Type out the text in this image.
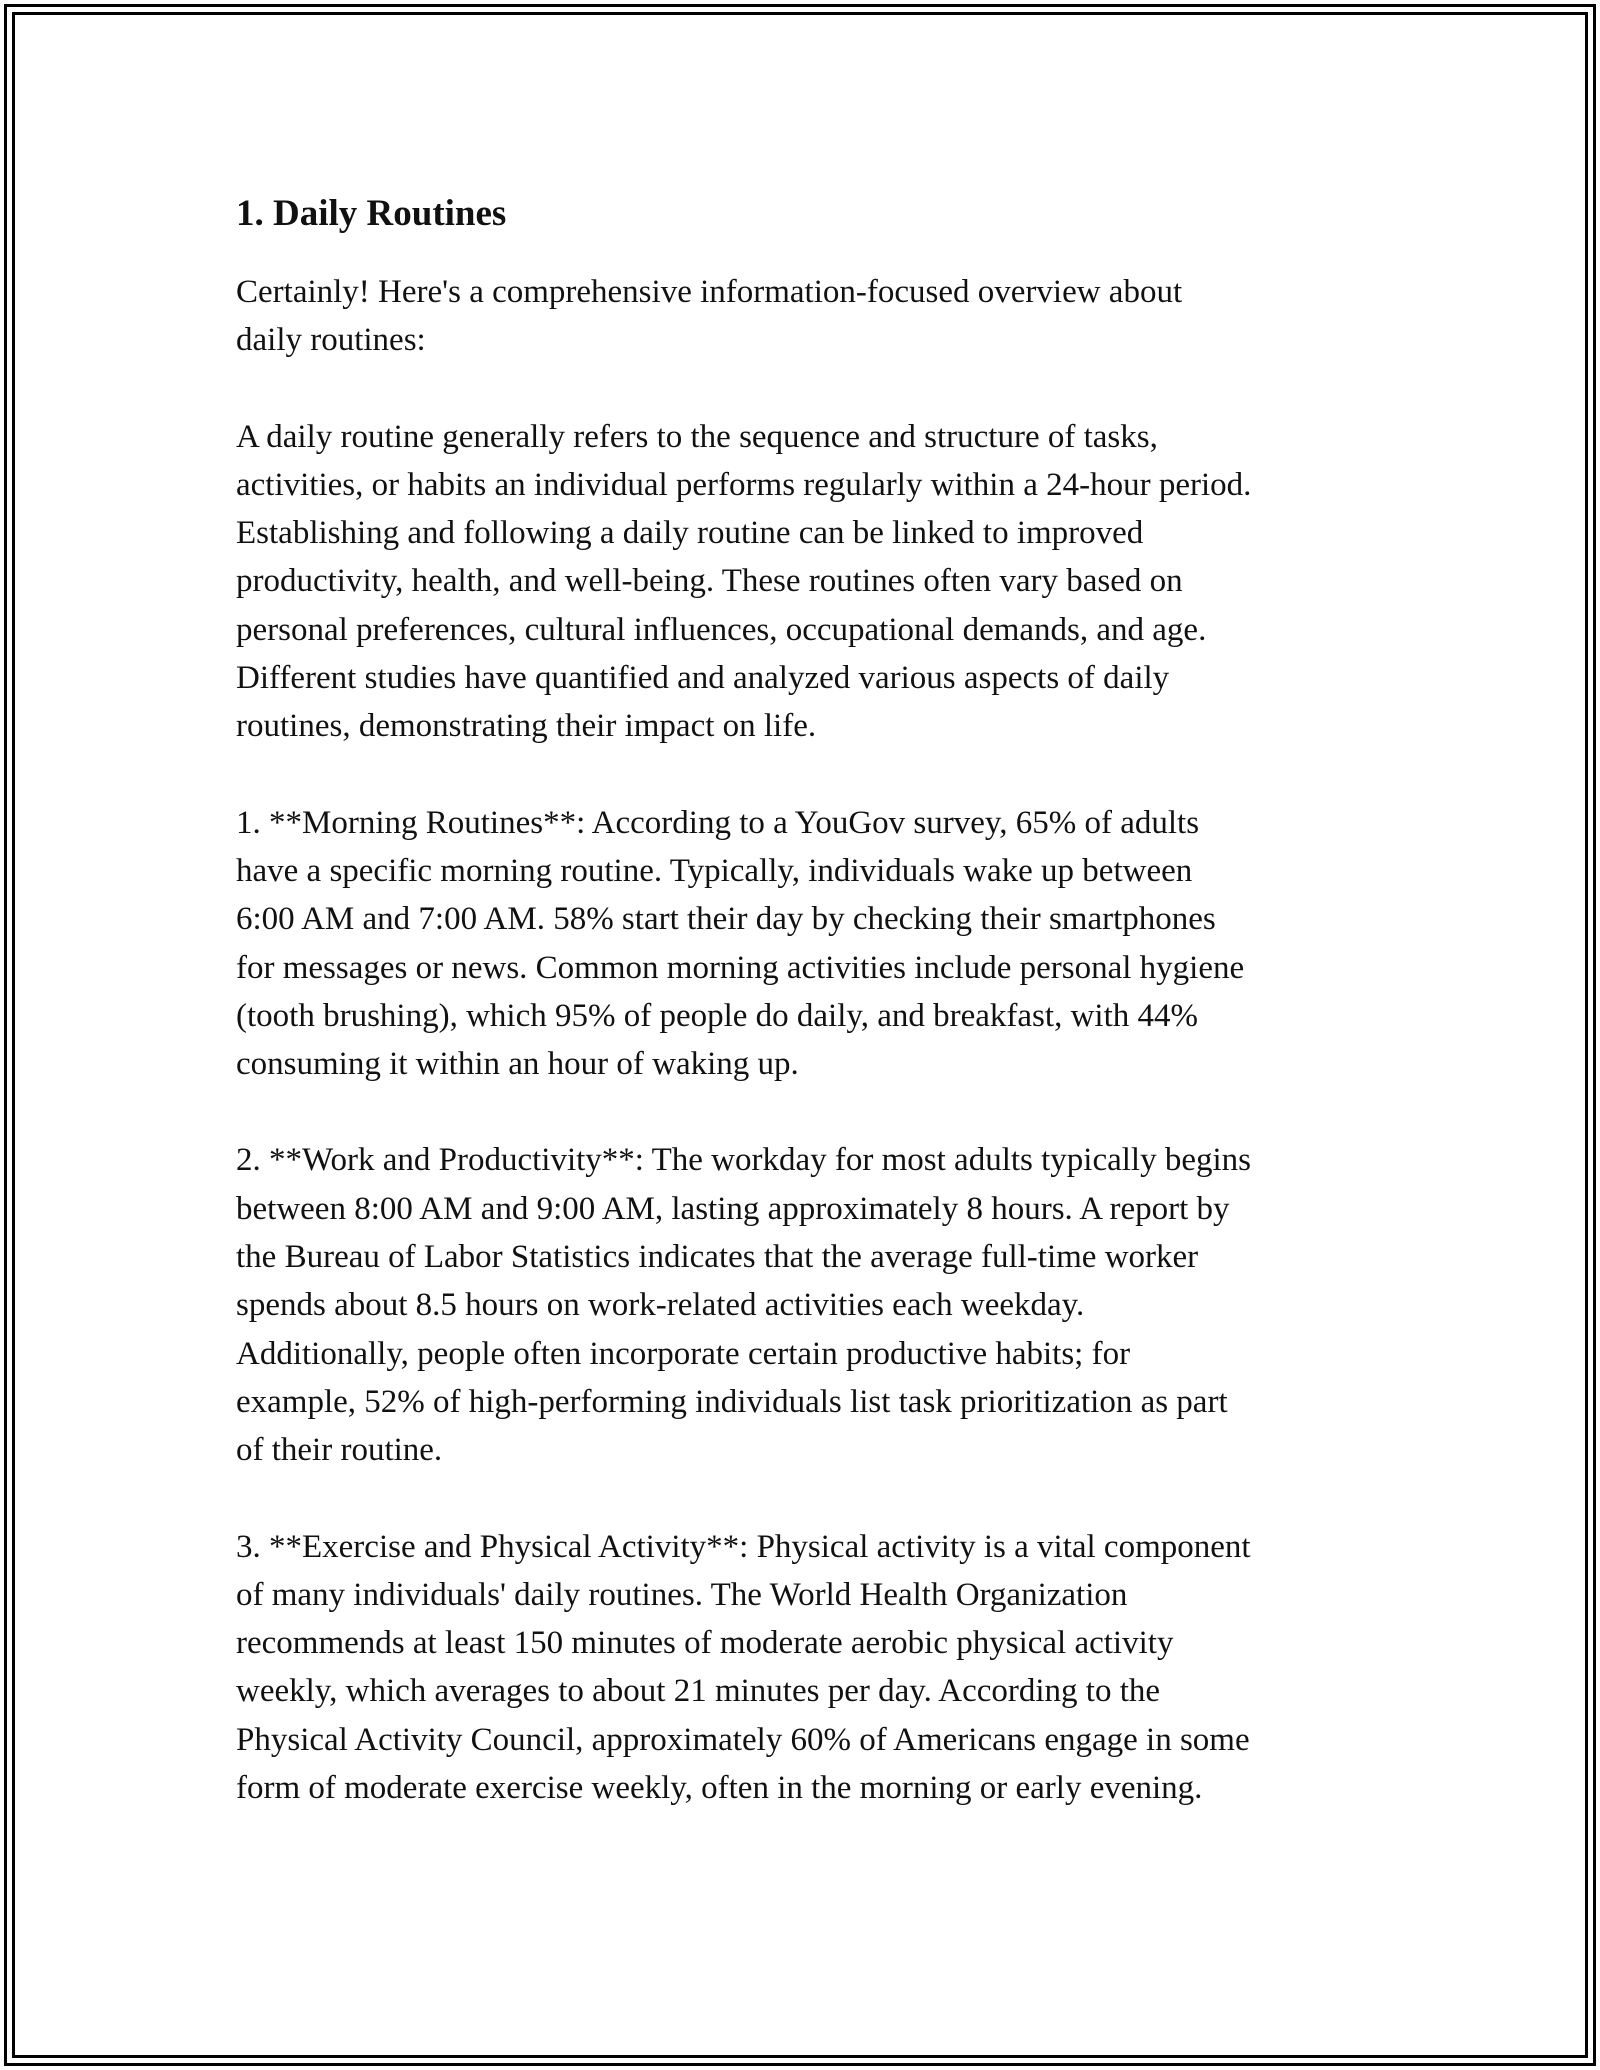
1. Daily Routines

Certainly! Here's a comprehensive information-focused overview about
daily routines:

A daily routine generally refers to the sequence and structure of tasks,
activities, or habits an individual performs regularly within a 24-hour period.
Establishing and following a daily routine can be linked to improved
productivity, health, and well-being. These routines often vary based on
personal preferences, cultural influences, occupational demands, and age.
Different studies have quantified and analyzed various aspects of daily
routines, demonstrating their impact on life.

1. **Morning Routines**: According to a YouGov survey, 65% of adults
have a specific morning routine. Typically, individuals wake up between
6:00 AM and 7:00 AM. 58% start their day by checking their smartphones
for messages or news. Common morning activities include personal hygiene
(tooth brushing), which 95% of people do daily, and breakfast, with 44%
consuming it within an hour of waking up.

2. **Work and Productivity**: The workday for most adults typically begins
between 8:00 AM and 9:00 AM, lasting approximately 8 hours. A report by
the Bureau of Labor Statistics indicates that the average full-time worker
spends about 8.5 hours on work-related activities each weekday.
Additionally, people often incorporate certain productive habits; for
example, 52% of high-performing individuals list task prioritization as part
of their routine.

3. **Exercise and Physical Activity**: Physical activity is a vital component
of many individuals' daily routines. The World Health Organization
recommends at least 150 minutes of moderate aerobic physical activity
weekly, which averages to about 21 minutes per day. According to the
Physical Activity Council, approximately 60% of Americans engage in some
form of moderate exercise weekly, often in the morning or early evening.
